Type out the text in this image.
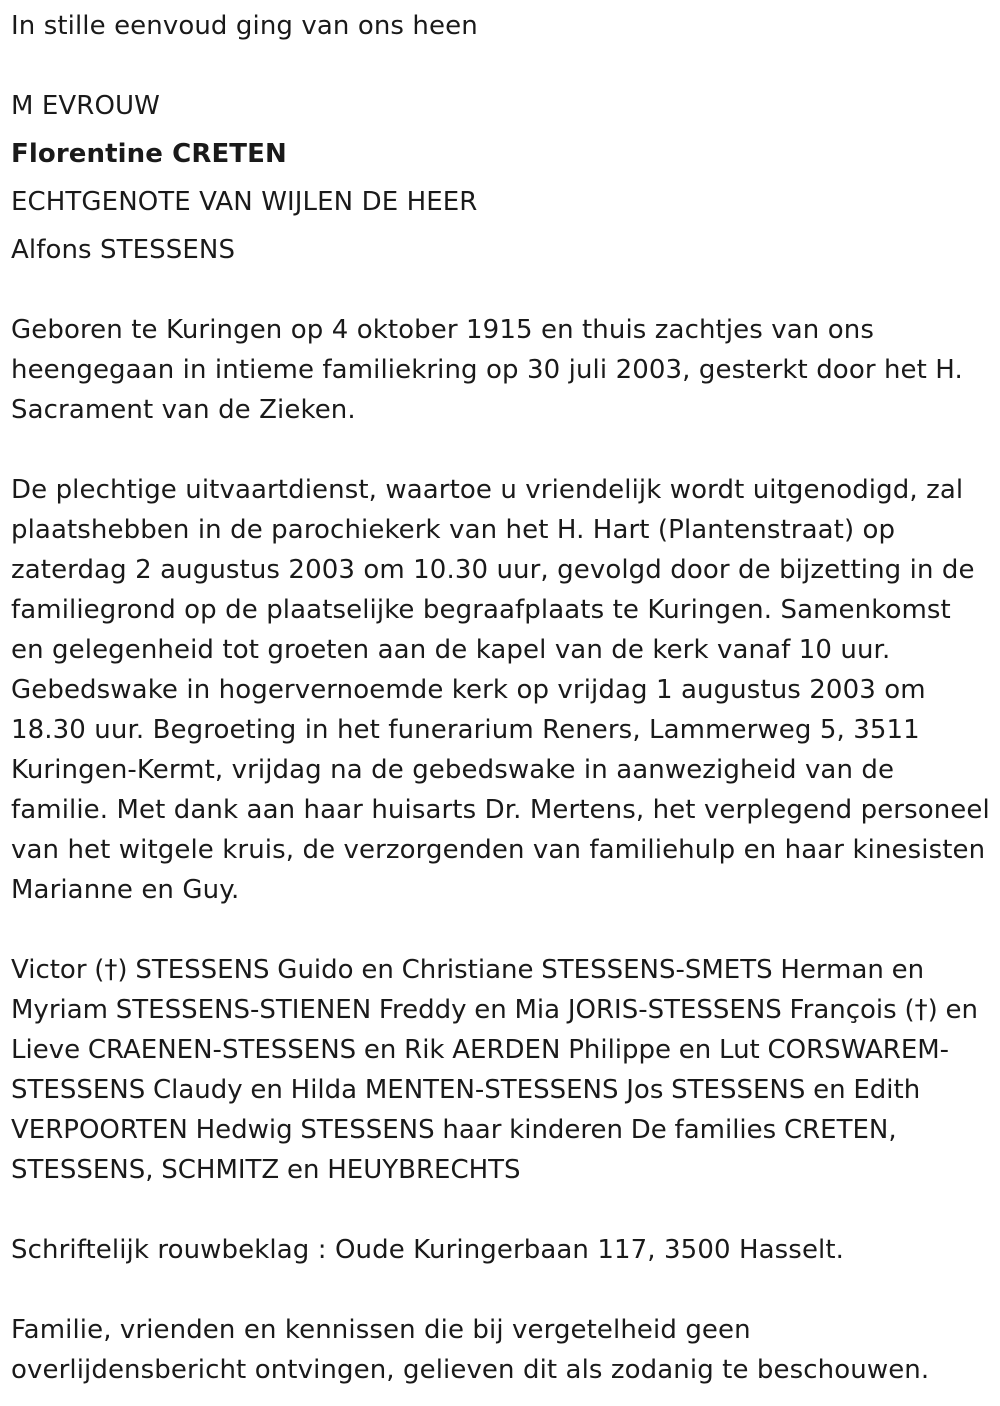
In stille eenvoud ging van ons heen
M EVROUW
Florentine CRETEN
ECHTGENOTE VAN WIJLEN DE HEER
Alfons STESSENS

Geboren te Kuringen op 4 oktober 1915 en thuis zachtjes van ons heengegaan in intieme familiekring op 30 juli 2003, gesterkt door het H. Sacrament van de Zieken.

De plechtige uitvaartdienst, waartoe u vriendelijk wordt uitgenodigd, zal plaatshebben in de parochiekerk van het H. Hart (Plantenstraat) op zaterdag 2 augustus 2003 om 10.30 uur, gevolgd door de bijzetting in de familiegrond op de plaatselijke begraafplaats te Kuringen. Samenkomst en gelegenheid tot groeten aan de kapel van de kerk vanaf 10 uur. Gebedswake in hogervernoemde kerk op vrijdag 1 augustus 2003 om 18.30 uur. Begroeting in het funerarium Reners, Lammerweg 5, 3511 Kuringen-Kermt, vrijdag na de gebedswake in aanwezigheid van de familie. Met dank aan haar huisarts Dr. Mertens, het verplegend personeel van het witgele kruis, de verzorgenden van familiehulp en haar kinesisten Marianne en Guy.

Victor (†) STESSENS Guido en Christiane STESSENS-SMETS Herman en Myriam STESSENS-STIENEN Freddy en Mia JORIS-STESSENS François (†) en Lieve CRAENEN-STESSENS en Rik AERDEN Philippe en Lut CORSWAREM-STESSENS Claudy en Hilda MENTEN-STESSENS Jos STESSENS en Edith VERPOORTEN Hedwig STESSENS haar kinderen De families CRETEN, STESSENS, SCHMITZ en HEUYBRECHTS

Schriftelijk rouwbeklag : Oude Kuringerbaan 117, 3500 Hasselt.

Familie, vrienden en kennissen die bij vergetelheid geen overlijdensbericht ontvingen, gelieven dit als zodanig te beschouwen.
